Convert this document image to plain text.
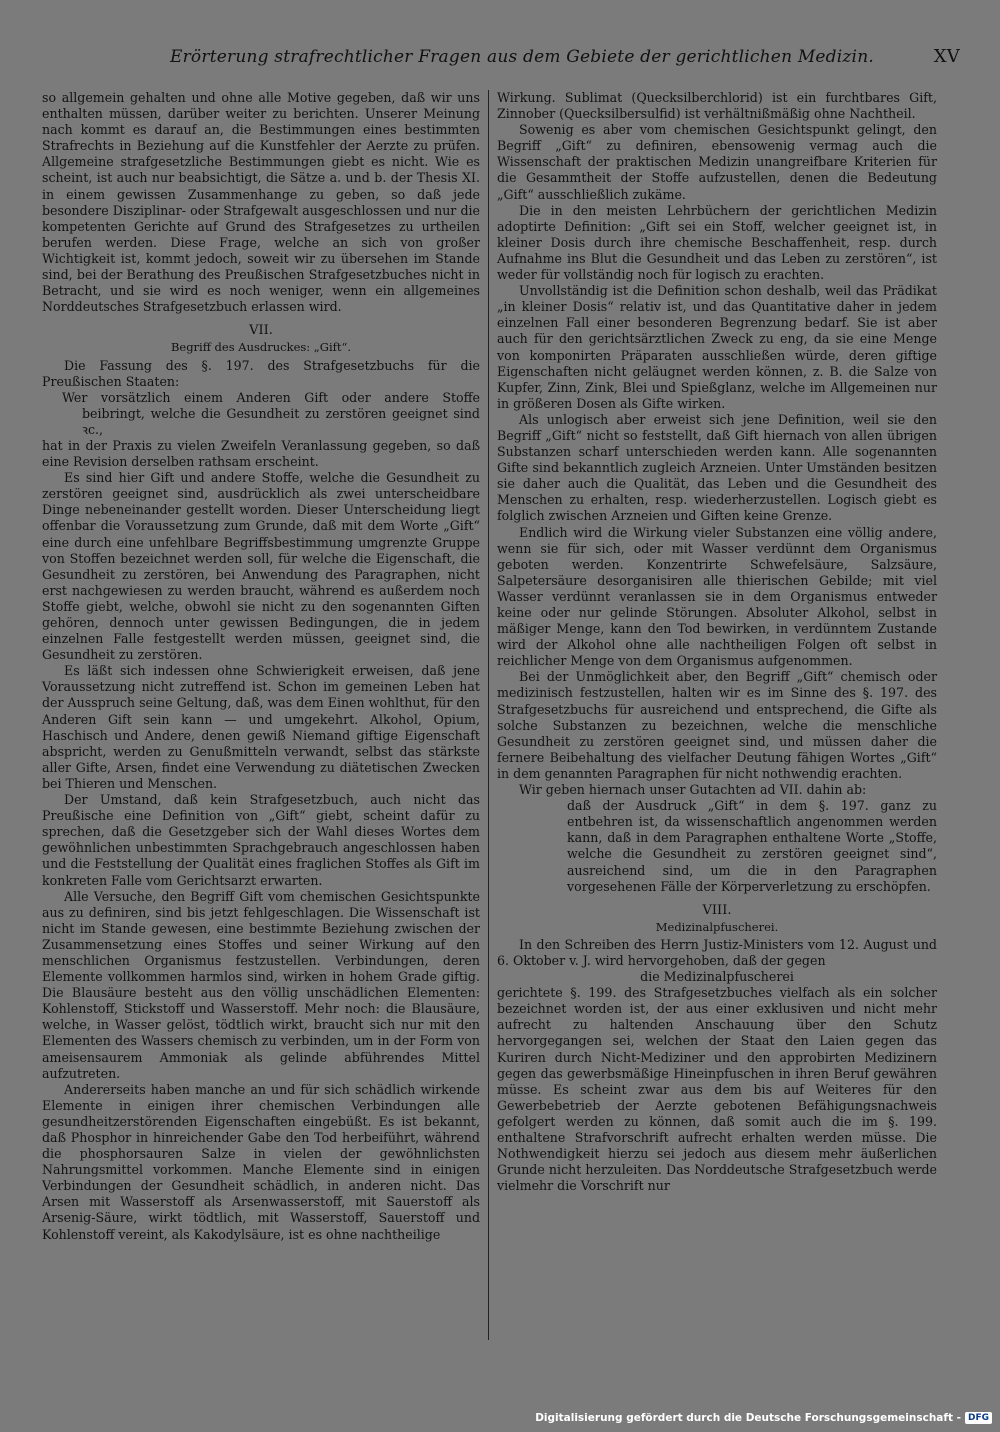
Erörterung strafrechtlicher Fragen aus dem Gebiete der gerichtlichen Medizin.	XV

so allgemein gehalten und ohne alle Motive gegeben, daß wir uns enthalten müssen, darüber weiter zu berichten. Unserer Meinung nach kommt es darauf an, die Bestimmungen eines bestimmten Strafrechts in Beziehung auf die Kunstfehler der Aerzte zu prüfen. Allgemeine strafgesetzliche Bestimmungen giebt es nicht. Wie es scheint, ist auch nur beabsichtigt, die Sätze a. und b. der Thesis XI. in einem gewissen Zusammenhange zu geben, so daß jede besondere Disziplinar- oder Strafgewalt ausgeschlossen und nur die kompetenten Gerichte auf Grund des Strafgesetzes zu urtheilen berufen werden. Diese Frage, welche an sich von großer Wichtigkeit ist, kommt jedoch, soweit wir zu übersehen im Stande sind, bei der Berathung des Preußischen Strafgesetzbuches nicht in Betracht, und sie wird es noch weniger, wenn ein allgemeines Norddeutsches Strafgesetzbuch erlassen wird.

VII.
Begriff des Ausdruckes: „Gift“.

Die Fassung des §. 197. des Strafgesetzbuchs für die Preußischen Staaten:

Wer vorsätzlich einem Anderen Gift oder andere Stoffe beibringt, welche die Gesundheit zu zerstören geeignet sind ꝛc.,

hat in der Praxis zu vielen Zweifeln Veranlassung gegeben, so daß eine Revision derselben rathsam erscheint.

Es sind hier Gift und andere Stoffe, welche die Gesundheit zu zerstören geeignet sind, ausdrücklich als zwei unterscheidbare Dinge nebeneinander gestellt worden. Dieser Unterscheidung liegt offenbar die Voraussetzung zum Grunde, daß mit dem Worte „Gift“ eine durch eine unfehlbare Begriffsbestimmung umgrenzte Gruppe von Stoffen bezeichnet werden soll, für welche die Eigenschaft, die Gesundheit zu zerstören, bei Anwendung des Paragraphen, nicht erst nachgewiesen zu werden braucht, während es außerdem noch Stoffe giebt, welche, obwohl sie nicht zu den sogenannten Giften gehören, dennoch unter gewissen Bedingungen, die in jedem einzelnen Falle festgestellt werden müssen, geeignet sind, die Gesundheit zu zerstören.

Es läßt sich indessen ohne Schwierigkeit erweisen, daß jene Voraussetzung nicht zutreffend ist. Schon im gemeinen Leben hat der Ausspruch seine Geltung, daß, was dem Einen wohlthut, für den Anderen Gift sein kann — und umgekehrt. Alkohol, Opium, Haschisch und Andere, denen gewiß Niemand giftige Eigenschaft abspricht, werden zu Genußmitteln verwandt, selbst das stärkste aller Gifte, Arsen, findet eine Verwendung zu diätetischen Zwecken bei Thieren und Menschen.

Der Umstand, daß kein Strafgesetzbuch, auch nicht das Preußische eine Definition von „Gift“ giebt, scheint dafür zu sprechen, daß die Gesetzgeber sich der Wahl dieses Wortes dem gewöhnlichen unbestimmten Sprachgebrauch angeschlossen haben und die Feststellung der Qualität eines fraglichen Stoffes als Gift im konkreten Falle vom Gerichtsarzt erwarten.

Alle Versuche, den Begriff Gift vom chemischen Gesichtspunkte aus zu definiren, sind bis jetzt fehlgeschlagen. Die Wissenschaft ist nicht im Stande gewesen, eine bestimmte Beziehung zwischen der Zusammensetzung eines Stoffes und seiner Wirkung auf den menschlichen Organismus festzustellen. Verbindungen, deren Elemente vollkommen harmlos sind, wirken in hohem Grade giftig. Die Blausäure besteht aus den völlig unschädlichen Elementen: Kohlenstoff, Stickstoff und Wasserstoff. Mehr noch: die Blausäure, welche, in Wasser gelöst, tödtlich wirkt, braucht sich nur mit den Elementen des Wassers chemisch zu verbinden, um in der Form von ameisensaurem Ammoniak als gelinde abführendes Mittel aufzutreten.

Andererseits haben manche an und für sich schädlich wirkende Elemente in einigen ihrer chemischen Verbindungen alle gesundheitzerstörenden Eigenschaften eingebüßt. Es ist bekannt, daß Phosphor in hinreichender Gabe den Tod herbeiführt, während die phosphorsauren Salze in vielen der gewöhnlichsten Nahrungsmittel vorkommen. Manche Elemente sind in einigen Verbindungen der Gesundheit schädlich, in anderen nicht. Das Arsen mit Wasserstoff als Arsenwasserstoff, mit Sauerstoff als Arsenig-Säure, wirkt tödtlich, mit Wasserstoff, Sauerstoff und Kohlenstoff vereint, als Kakodylsäure, ist es ohne nachtheilige

Wirkung. Sublimat (Quecksilberchlorid) ist ein furchtbares Gift, Zinnober (Quecksilbersulfid) ist verhältnißmäßig ohne Nachtheil.

Sowenig es aber vom chemischen Gesichtspunkt gelingt, den Begriff „Gift“ zu definiren, ebensowenig vermag auch die Wissenschaft der praktischen Medizin unangreifbare Kriterien für die Gesammtheit der Stoffe aufzustellen, denen die Bedeutung „Gift“ ausschließlich zukäme.

Die in den meisten Lehrbüchern der gerichtlichen Medizin adoptirte Definition: „Gift sei ein Stoff, welcher geeignet ist, in kleiner Dosis durch ihre chemische Beschaffenheit, resp. durch Aufnahme ins Blut die Gesundheit und das Leben zu zerstören“, ist weder für vollständig noch für logisch zu erachten.

Unvollständig ist die Definition schon deshalb, weil das Prädikat „in kleiner Dosis“ relativ ist, und das Quantitative daher in jedem einzelnen Fall einer besonderen Begrenzung bedarf. Sie ist aber auch für den gerichtsärztlichen Zweck zu eng, da sie eine Menge von komponirten Präparaten ausschließen würde, deren giftige Eigenschaften nicht geläugnet werden können, z. B. die Salze von Kupfer, Zinn, Zink, Blei und Spießglanz, welche im Allgemeinen nur in größeren Dosen als Gifte wirken.

Als unlogisch aber erweist sich jene Definition, weil sie den Begriff „Gift“ nicht so feststellt, daß Gift hiernach von allen übrigen Substanzen scharf unterschieden werden kann. Alle sogenannten Gifte sind bekanntlich zugleich Arzneien. Unter Umständen besitzen sie daher auch die Qualität, das Leben und die Gesundheit des Menschen zu erhalten, resp. wiederherzustellen. Logisch giebt es folglich zwischen Arzneien und Giften keine Grenze.

Endlich wird die Wirkung vieler Substanzen eine völlig andere, wenn sie für sich, oder mit Wasser verdünnt dem Organismus geboten werden. Konzentrirte Schwefelsäure, Salzsäure, Salpetersäure desorganisiren alle thierischen Gebilde; mit viel Wasser verdünnt veranlassen sie in dem Organismus entweder keine oder nur gelinde Störungen. Absoluter Alkohol, selbst in mäßiger Menge, kann den Tod bewirken, in verdünntem Zustande wird der Alkohol ohne alle nachtheiligen Folgen oft selbst in reichlicher Menge von dem Organismus aufgenommen.

Bei der Unmöglichkeit aber, den Begriff „Gift“ chemisch oder medizinisch festzustellen, halten wir es im Sinne des §. 197. des Strafgesetzbuchs für ausreichend und entsprechend, die Gifte als solche Substanzen zu bezeichnen, welche die menschliche Gesundheit zu zerstören geeignet sind, und müssen daher die fernere Beibehaltung des vielfacher Deutung fähigen Wortes „Gift“ in dem genannten Paragraphen für nicht nothwendig erachten.

Wir geben hiernach unser Gutachten ad VII. dahin ab:

daß der Ausdruck „Gift“ in dem §. 197. ganz zu entbehren ist, da wissenschaftlich angenommen werden kann, daß in dem Paragraphen enthaltene Worte „Stoffe, welche die Gesundheit zu zerstören geeignet sind“, ausreichend sind, um die in den Paragraphen vorgesehenen Fälle der Körperverletzung zu erschöpfen.

VIII.
Medizinalpfuscherei.

In den Schreiben des Herrn Justiz-Ministers vom 12. August und 6. Oktober v. J. wird hervorgehoben, daß der gegen

die Medizinalpfuscherei

gerichtete §. 199. des Strafgesetzbuches vielfach als ein solcher bezeichnet worden ist, der aus einer exklusiven und nicht mehr aufrecht zu haltenden Anschauung über den Schutz hervorgegangen sei, welchen der Staat den Laien gegen das Kuriren durch Nicht-Mediziner und den approbirten Medizinern gegen das gewerbsmäßige Hineinpfuschen in ihren Beruf gewähren müsse. Es scheint zwar aus dem bis auf Weiteres für den Gewerbebetrieb der Aerzte gebotenen Befähigungsnachweis gefolgert werden zu können, daß somit auch die im §. 199. enthaltene Strafvorschrift aufrecht erhalten werden müsse. Die Nothwendigkeit hierzu sei jedoch aus diesem mehr äußerlichen Grunde nicht herzuleiten. Das Norddeutsche Strafgesetzbuch werde vielmehr die Vorschrift nur

Digitalisierung gefördert durch die Deutsche Forschungsgemeinschaft - DFG
